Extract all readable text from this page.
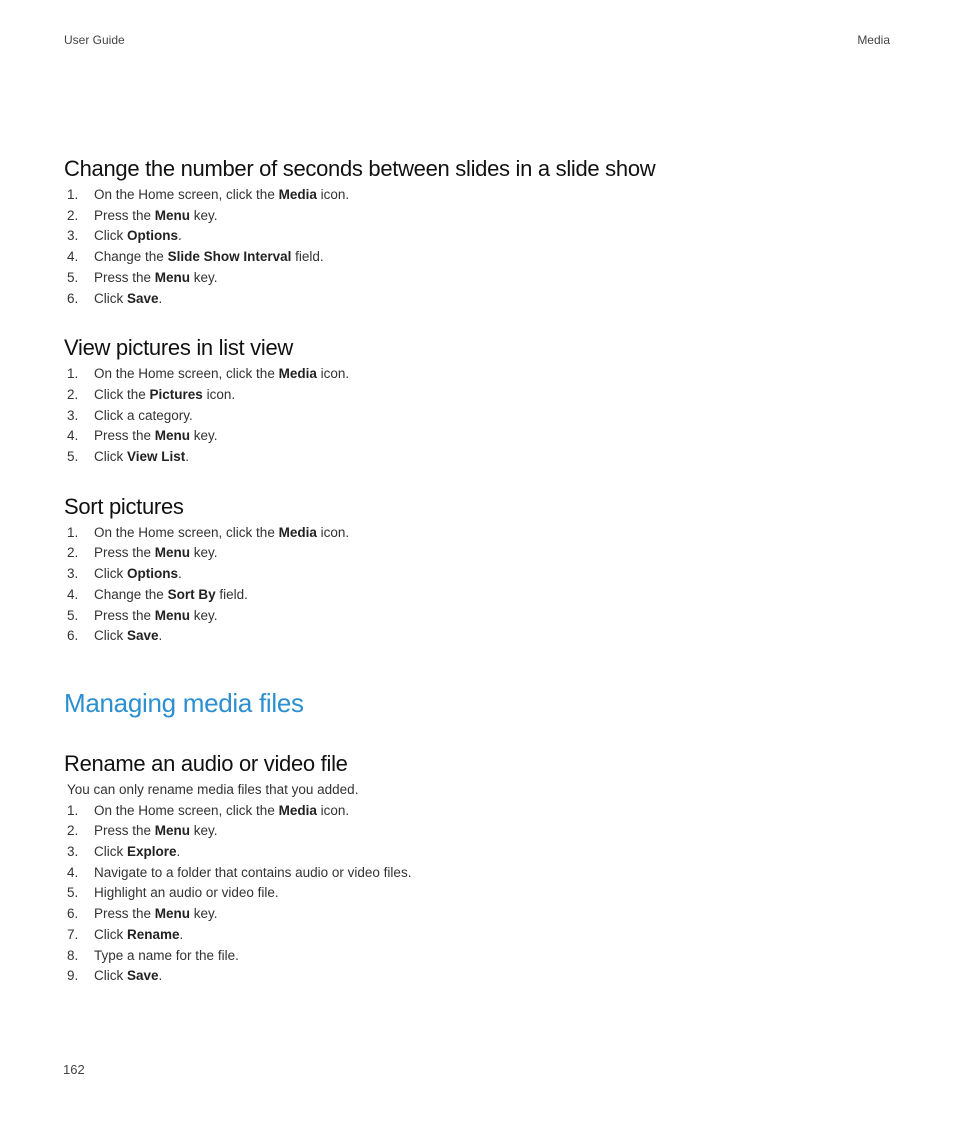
User Guide	Media
Change the number of seconds between slides in a slide show
1.	On the Home screen, click the Media icon.
2.	Press the Menu key.
3.	Click Options.
4.	Change the Slide Show Interval field.
5.	Press the Menu key.
6.	Click Save.
View pictures in list view
1.	On the Home screen, click the Media icon.
2.	Click the Pictures icon.
3.	Click a category.
4.	Press the Menu key.
5.	Click View List.
Sort pictures
1.	On the Home screen, click the Media icon.
2.	Press the Menu key.
3.	Click Options.
4.	Change the Sort By field.
5.	Press the Menu key.
6.	Click Save.
Managing media files
Rename an audio or video file
You can only rename media files that you added.
1.	On the Home screen, click the Media icon.
2.	Press the Menu key.
3.	Click Explore.
4.	Navigate to a folder that contains audio or video files.
5.	Highlight an audio or video file.
6.	Press the Menu key.
7.	Click Rename.
8.	Type a name for the file.
9.	Click Save.
162
